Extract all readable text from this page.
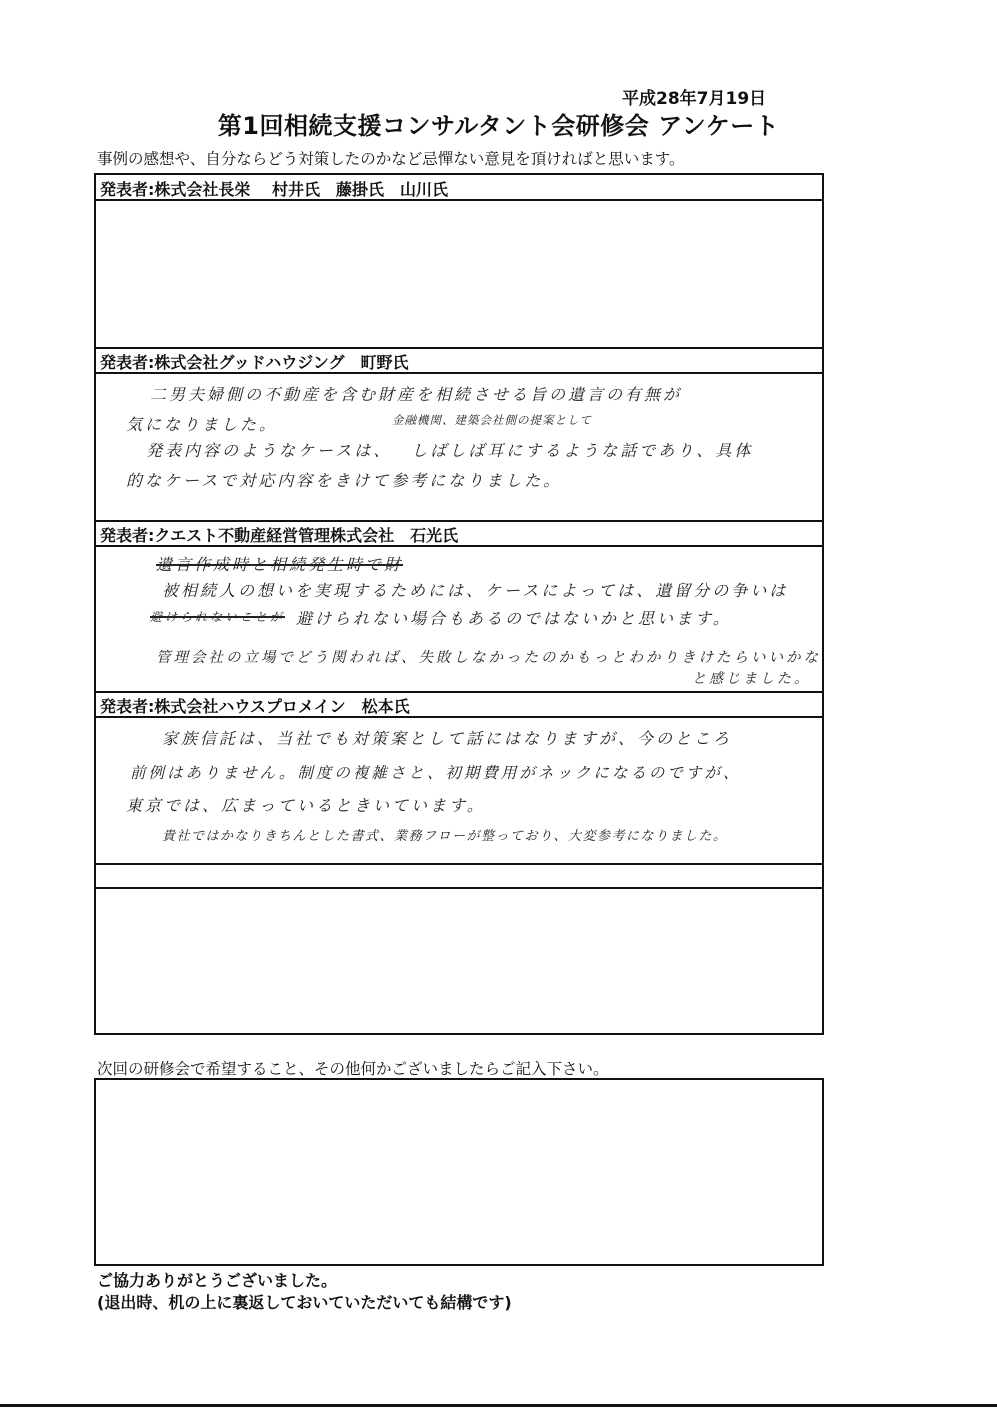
平成28年7月19日
第1回相続支援コンサルタント会研修会 アンケート
事例の感想や、自分ならどう対策したのかなど忌憚ない意見を頂ければと思います。
発表者:株式会社長栄　 村井氏　藤掛氏　山川氏
発表者:株式会社グッドハウジング　町野氏
金融機関、建築会社側の提案として
二男夫婦側の不動産を含む財産を相続させる旨の遺言の有無が
気になりました。
発表内容のようなケースは、　 しばしば耳にするような話であり、具体
的なケースで対応内容をきけて参考になりました。
発表者:クエスト不動産経営管理株式会社　石光氏
遺言作成時と相続発生時で財
被相続人の想いを実現するためには、ケースによっては、遺留分の争いは
避けられないことが 避けられない場合もあるのではないかと思います。
管理会社の立場でどう関われば、失敗しなかったのかもっとわかりきけたらいいかな
と感じました。
発表者:株式会社ハウスプロメイン　松本氏
家族信託は、当社でも対策案として話にはなりますが、今のところ
前例はありません。制度の複雑さと、初期費用がネックになるのですが、
東京では、広まっているときいています。
貴社ではかなりきちんとした書式、業務フローが整っており、大変参考になりました。
次回の研修会で希望すること、その他何かございましたらご記入下さい。
ご協力ありがとうございました。
(退出時、机の上に裏返しておいていただいても結構です)
